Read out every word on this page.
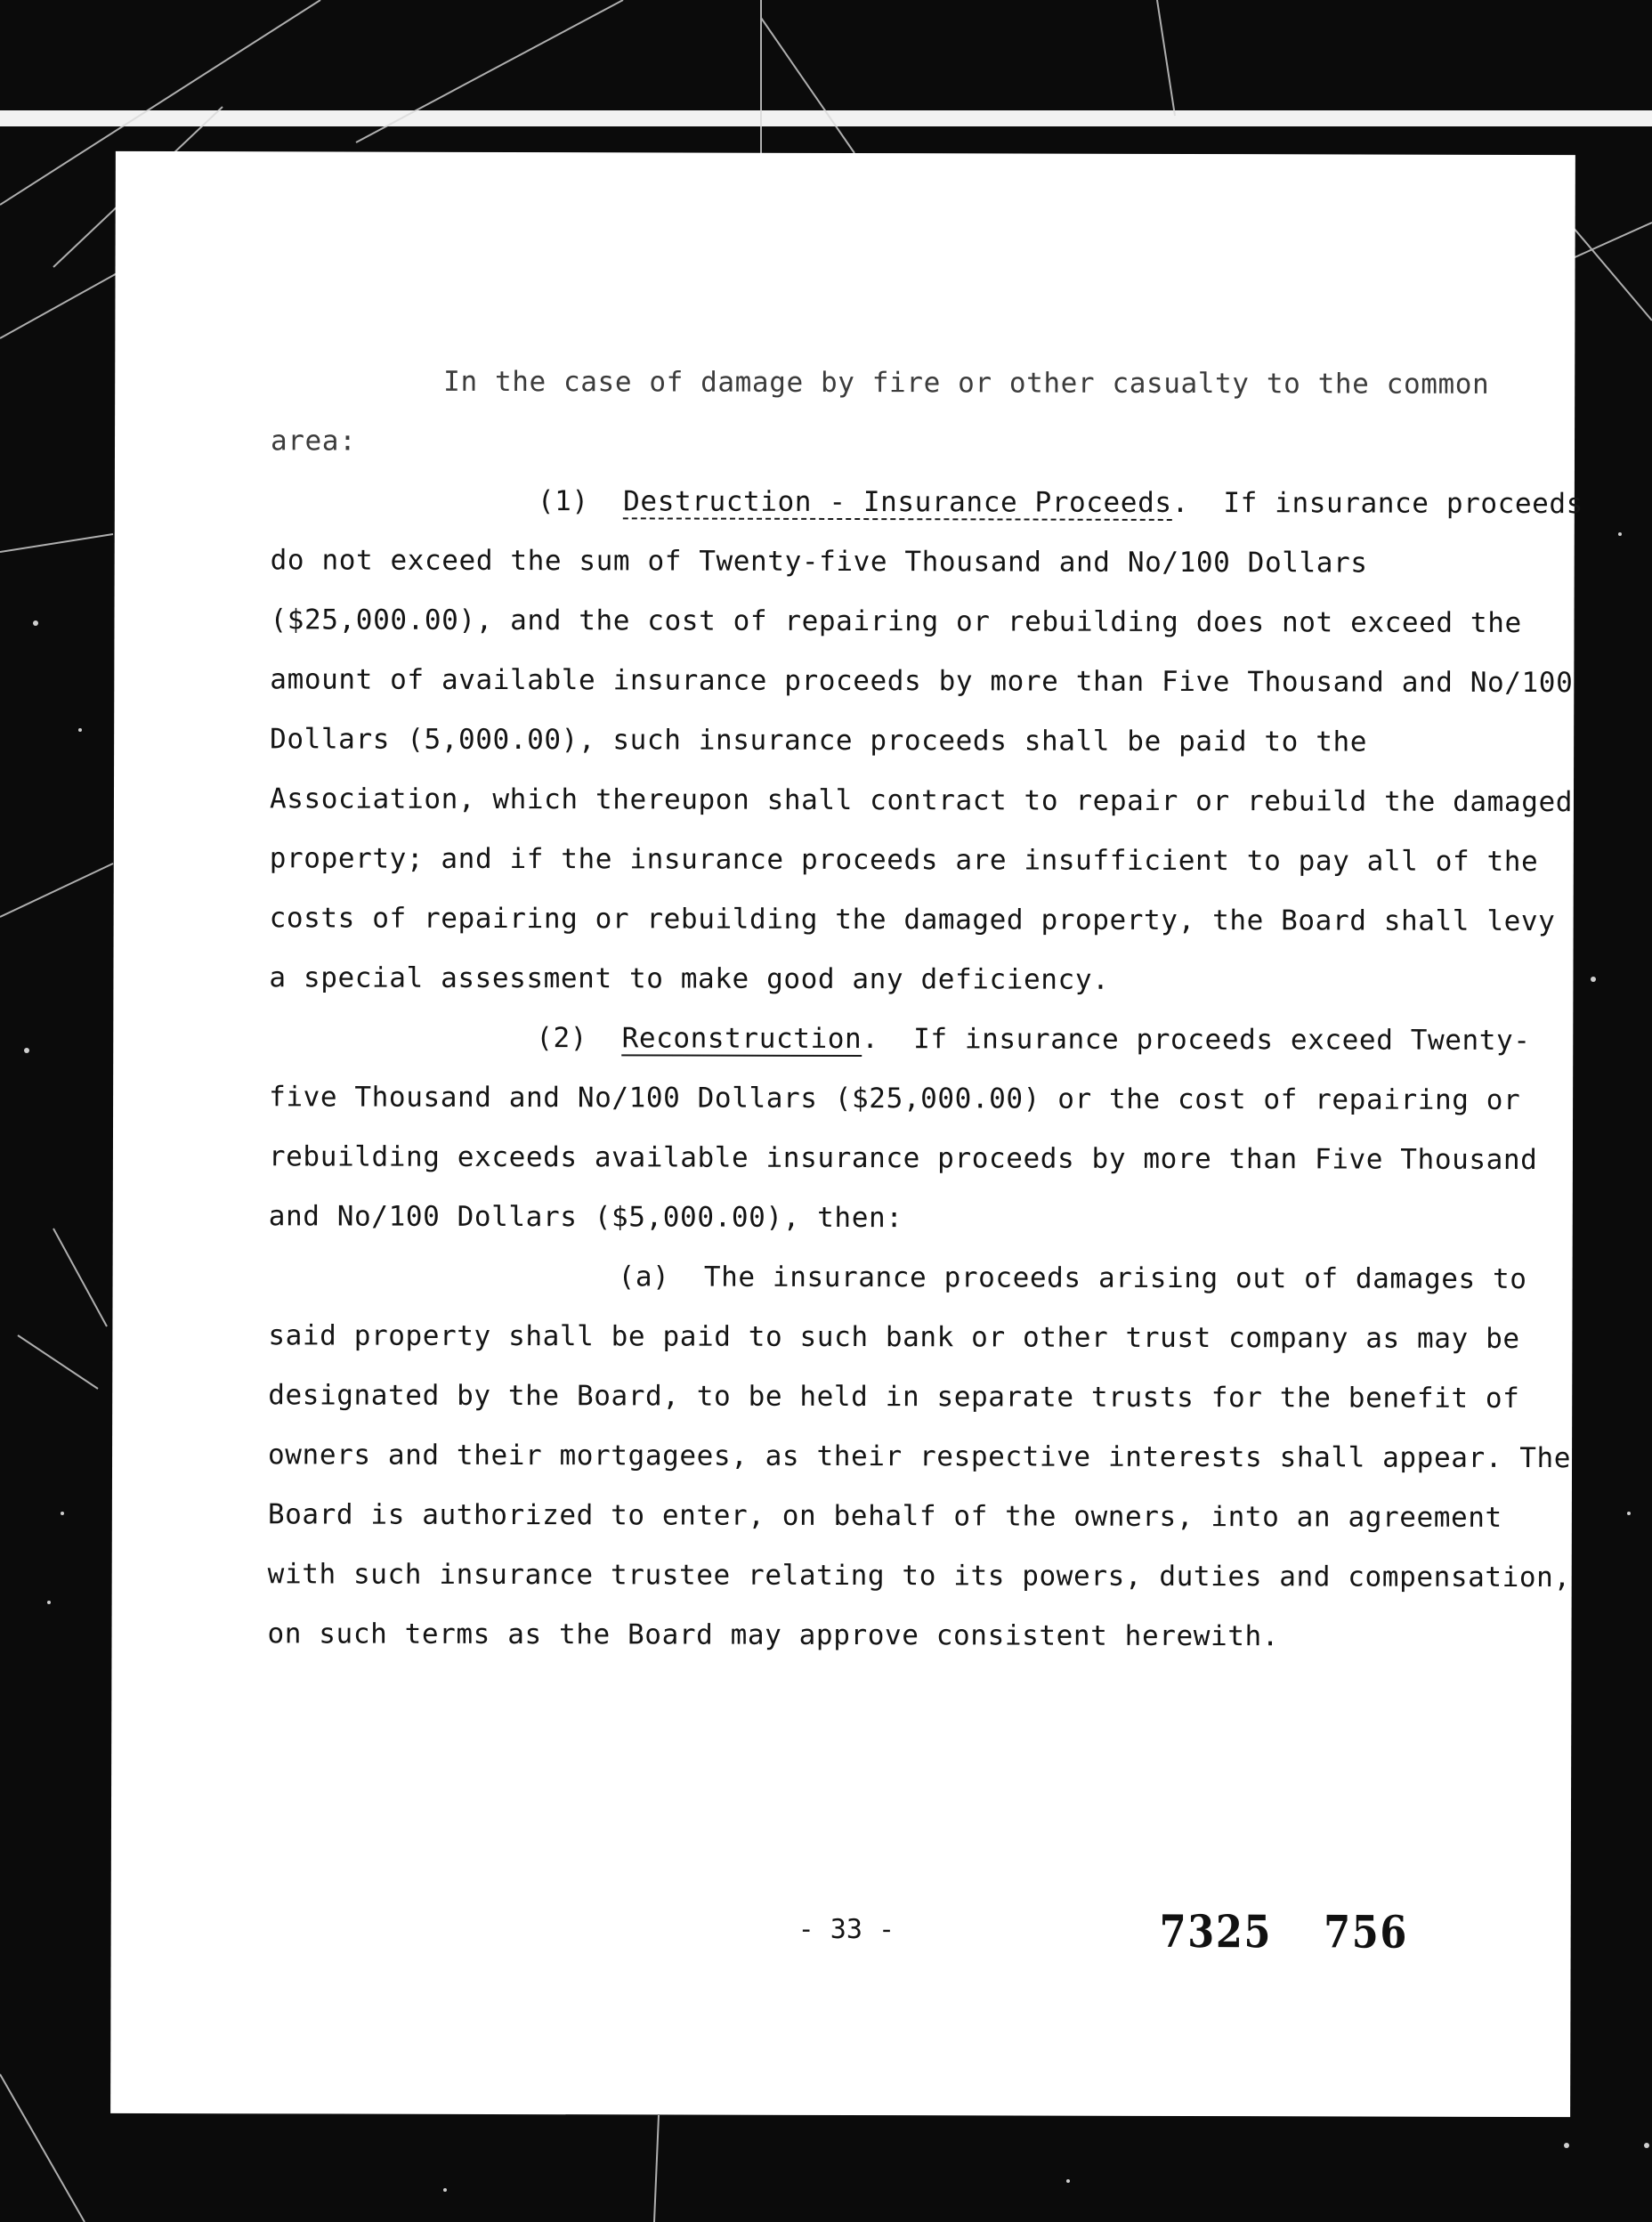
In the case of damage by fire or other casualty to the common area:

(1) Destruction - Insurance Proceeds. If insurance proceeds do not exceed the sum of Twenty-five Thousand and No/100 Dollars ($25,000.00), and the cost of repairing or rebuilding does not exceed the amount of available insurance proceeds by more than Five Thousand and No/100 Dollars (5,000.00), such insurance proceeds shall be paid to the Association, which thereupon shall contract to repair or rebuild the damaged property; and if the insurance proceeds are insufficient to pay all of the costs of repairing or rebuilding the damaged property, the Board shall levy a special assessment to make good any deficiency.

(2) Reconstruction. If insurance proceeds exceed Twenty-five Thousand and No/100 Dollars ($25,000.00) or the cost of repairing or rebuilding exceeds available insurance proceeds by more than Five Thousand and No/100 Dollars ($5,000.00), then:

(a) The insurance proceeds arising out of damages to said property shall be paid to such bank or other trust company as may be designated by the Board, to be held in separate trusts for the benefit of owners and their mortgagees, as their respective interests shall appear. The Board is authorized to enter, on behalf of the owners, into an agreement with such insurance trustee relating to its powers, duties and compensation, on such terms as the Board may approve consistent herewith.

- 33 -	7325 756
